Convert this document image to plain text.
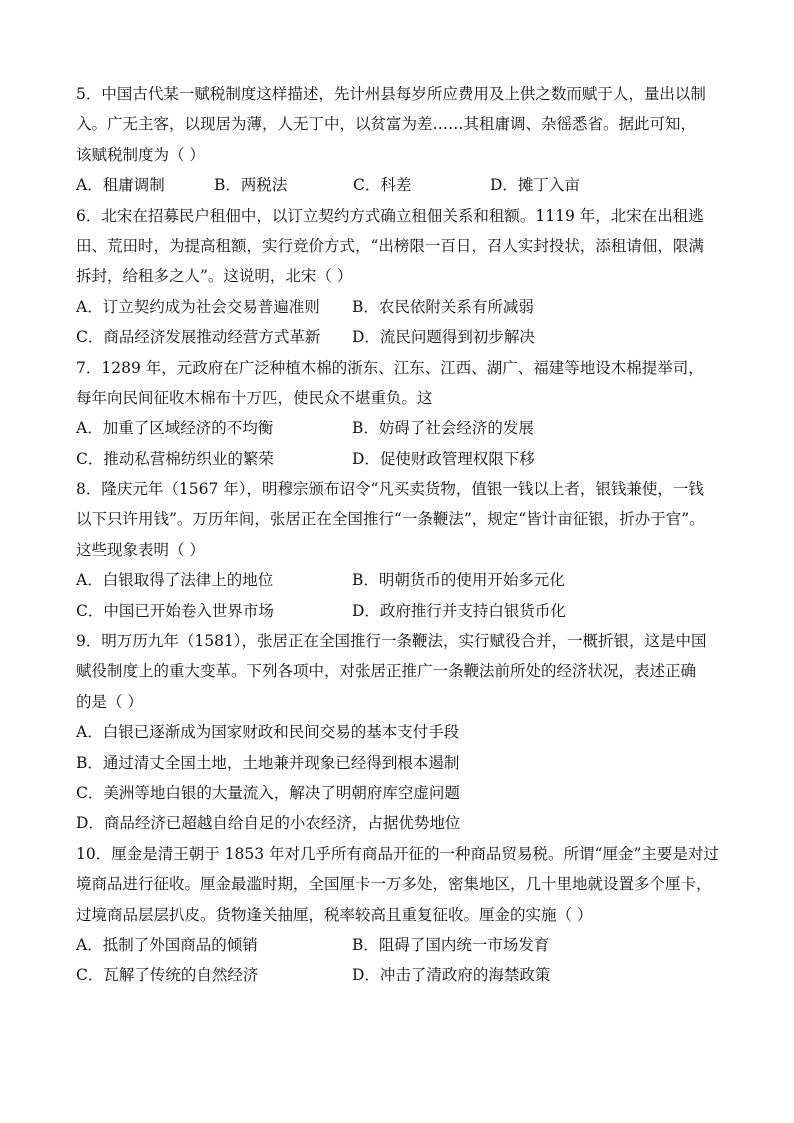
5．中国古代某一赋税制度这样描述，先计州县每岁所应费用及上供之数而赋于人，量出以制
入。广无主客，以现居为薄，人无丁中，以贫富为差……其租庸调、杂徭悉省。据此可知，
该赋税制度为（ ）
A．租庸调制	B．两税法	C．科差	D．摊丁入亩
6．北宋在招募民户租佃中，以订立契约方式确立租佃关系和租额。1119 年，北宋在出租逃
田、荒田时，为提高租额，实行竞价方式，“出榜限一百日，召人实封投状，添租请佃，限满
拆封，给租多之人”。这说明，北宋（ ）
A．订立契约成为社会交易普遍准则	B．农民依附关系有所减弱
C．商品经济发展推动经营方式革新	D．流民问题得到初步解决
7．1289 年，元政府在广泛种植木棉的浙东、江东、江西、湖广、福建等地设木棉提举司，
每年向民间征收木棉布十万匹，使民众不堪重负。这
A．加重了区域经济的不均衡	B．妨碍了社会经济的发展
C．推动私营棉纺织业的繁荣	D．促使财政管理权限下移
8．隆庆元年（1567 年），明穆宗颁布诏令“凡买卖货物，值银一钱以上者，银钱兼使，一钱
以下只许用钱”。万历年间，张居正在全国推行“一条鞭法”，规定“皆计亩征银，折办于官”。
这些现象表明（ ）
A．白银取得了法律上的地位	B．明朝货币的使用开始多元化
C．中国已开始卷入世界市场	D．政府推行并支持白银货币化
9．明万历九年（1581），张居正在全国推行一条鞭法，实行赋役合并，一概折银，这是中国
赋役制度上的重大变革。下列各项中，对张居正推广一条鞭法前所处的经济状况，表述正确
的是（ ）
A．白银已逐渐成为国家财政和民间交易的基本支付手段
B．通过清丈全国土地，土地兼并现象已经得到根本遏制
C．美洲等地白银的大量流入，解决了明朝府库空虚问题
D．商品经济已超越自给自足的小农经济，占据优势地位
10．厘金是清王朝于 1853 年对几乎所有商品开征的一种商品贸易税。所谓“厘金”主要是对过
境商品进行征收。厘金最滥时期，全国厘卡一万多处，密集地区，几十里地就设置多个厘卡，
过境商品层层扒皮。货物逢关抽厘，税率较高且重复征收。厘金的实施（ ）
A．抵制了外国商品的倾销	B．阻碍了国内统一市场发育
C．瓦解了传统的自然经济	D．冲击了清政府的海禁政策
